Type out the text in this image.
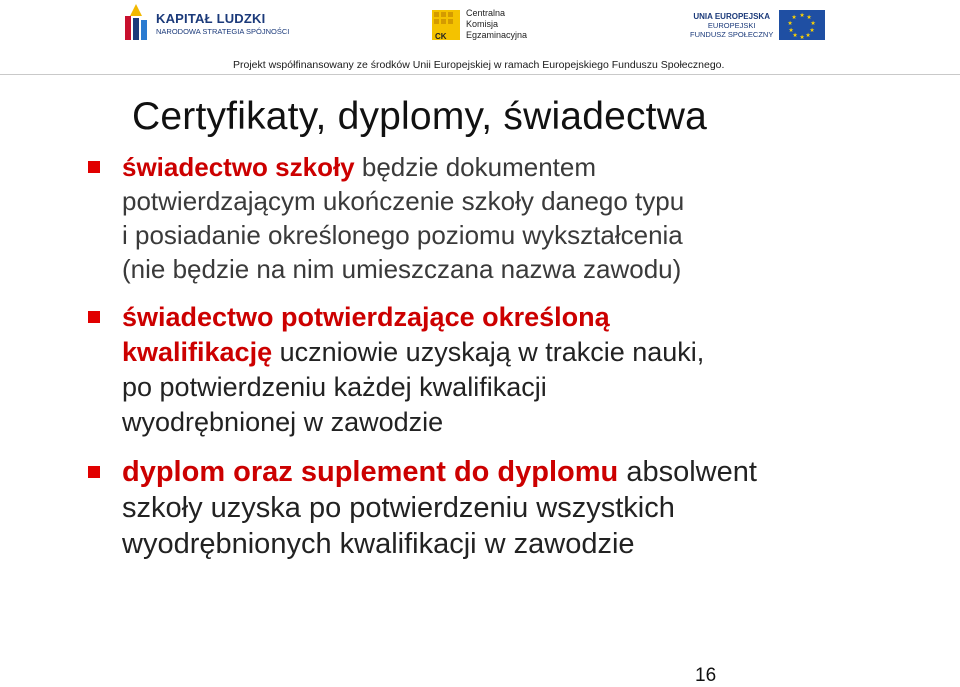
KAPITAŁ LUDZKI
NARODOWA STRATEGIA SPÓJNOŚCI
CK
Centralna
Komisja
Egzaminacyjna
UNIA EUROPEJSKA
EUROPEJSKI
FUNDUSZ SPOŁECZNY
★ ★
★
★
★
★
★
★
★
★
Projekt współfinansowany ze środków Unii Europejskiej w ramach Europejskiego Funduszu Społecznego.
Certyfikaty, dyplomy, świadectwa
świadectwo szkoły będzie dokumentem
potwierdzającym ukończenie szkoły danego typu
i posiadanie określonego poziomu wykształcenia
(nie będzie na nim umieszczana nazwa zawodu)
świadectwo potwierdzające określoną
kwalifikację uczniowie uzyskają w trakcie nauki,
po potwierdzeniu każdej kwalifikacji
wyodrębnionej w zawodzie
dyplom oraz suplement do dyplomu absolwent
szkoły uzyska po potwierdzeniu wszystkich
wyodrębnionych kwalifikacji w zawodzie
16
